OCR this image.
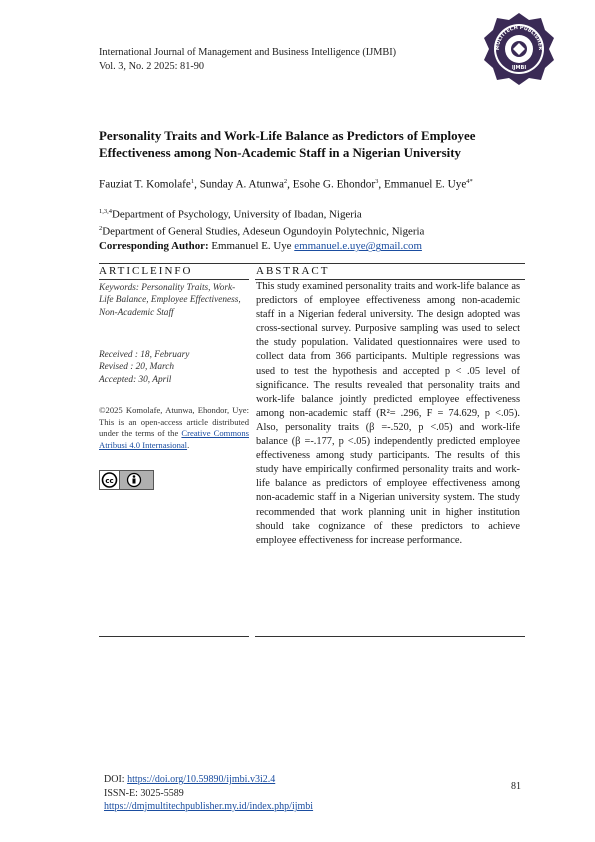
International Journal of Management and Business Intelligence (IJMBI)
Vol. 3, No. 2 2025: 81-90
MULTITECH PUBLISHER
IJMBI
Personality Traits and Work-Life Balance as Predictors of Employee Effectiveness among Non-Academic Staff in a Nigerian University
Fauziat T. Komolafe$^1$, Sunday A. Atunwa$^2$, Esohe G. Ehondor$^3$, Emmanuel E. Uye$^{4*}$
$^{1,3,4}$Department of Psychology, University of Ibadan, Nigeria
$^2$Department of General Studies, Adeseun Ogundoyin Polytechnic, Nigeria
Corresponding Author: Emmanuel E. Uye emmanuel.e.uye@gmail.com
ARTICLEINFO
Keywords: Personality Traits, Work-Life Balance, Employee Effectiveness, Non-Academic Staff
Received : 18, February
Revised : 20, March
Accepted: 30, April
©2025 Komolafe, Atunwa, Ehondor, Uye: This is an open-access article distributed under the terms of the Creative Commons Atribusi 4.0 Internasional.
cc
ABSTRACT
This study examined personality traits and work-life balance as predictors of employee effectiveness among non-academic staff in a Nigerian federal university. The design adopted was cross-sectional survey. Purposive sampling was used to select the study population. Validated questionnaires were used to collect data from 366 participants. Multiple regressions was used to test the hypothesis and accepted p < .05 level of significance. The results revealed that personality traits and work-life balance jointly predicted employee effectiveness among non-academic staff (R²= .296, F = 74.629, p <.05). Also, personality traits (β =-.520, p <.05) and work-life balance (β =-.177, p <.05) independently predicted employee effectiveness among study participants. The results of this study have empirically confirmed personality traits and work-life balance as predictors of employee effectiveness among non-academic staff in a Nigerian university system. The study recommended that work planning unit in higher institution should take cognizance of these predictors to achieve employee effectiveness for increase performance.
DOI: https://doi.org/10.59890/ijmbi.v3i2.4
ISSN-E: 3025-5589
https://dmjmultitechpublisher.my.id/index.php/ijmbi
81
